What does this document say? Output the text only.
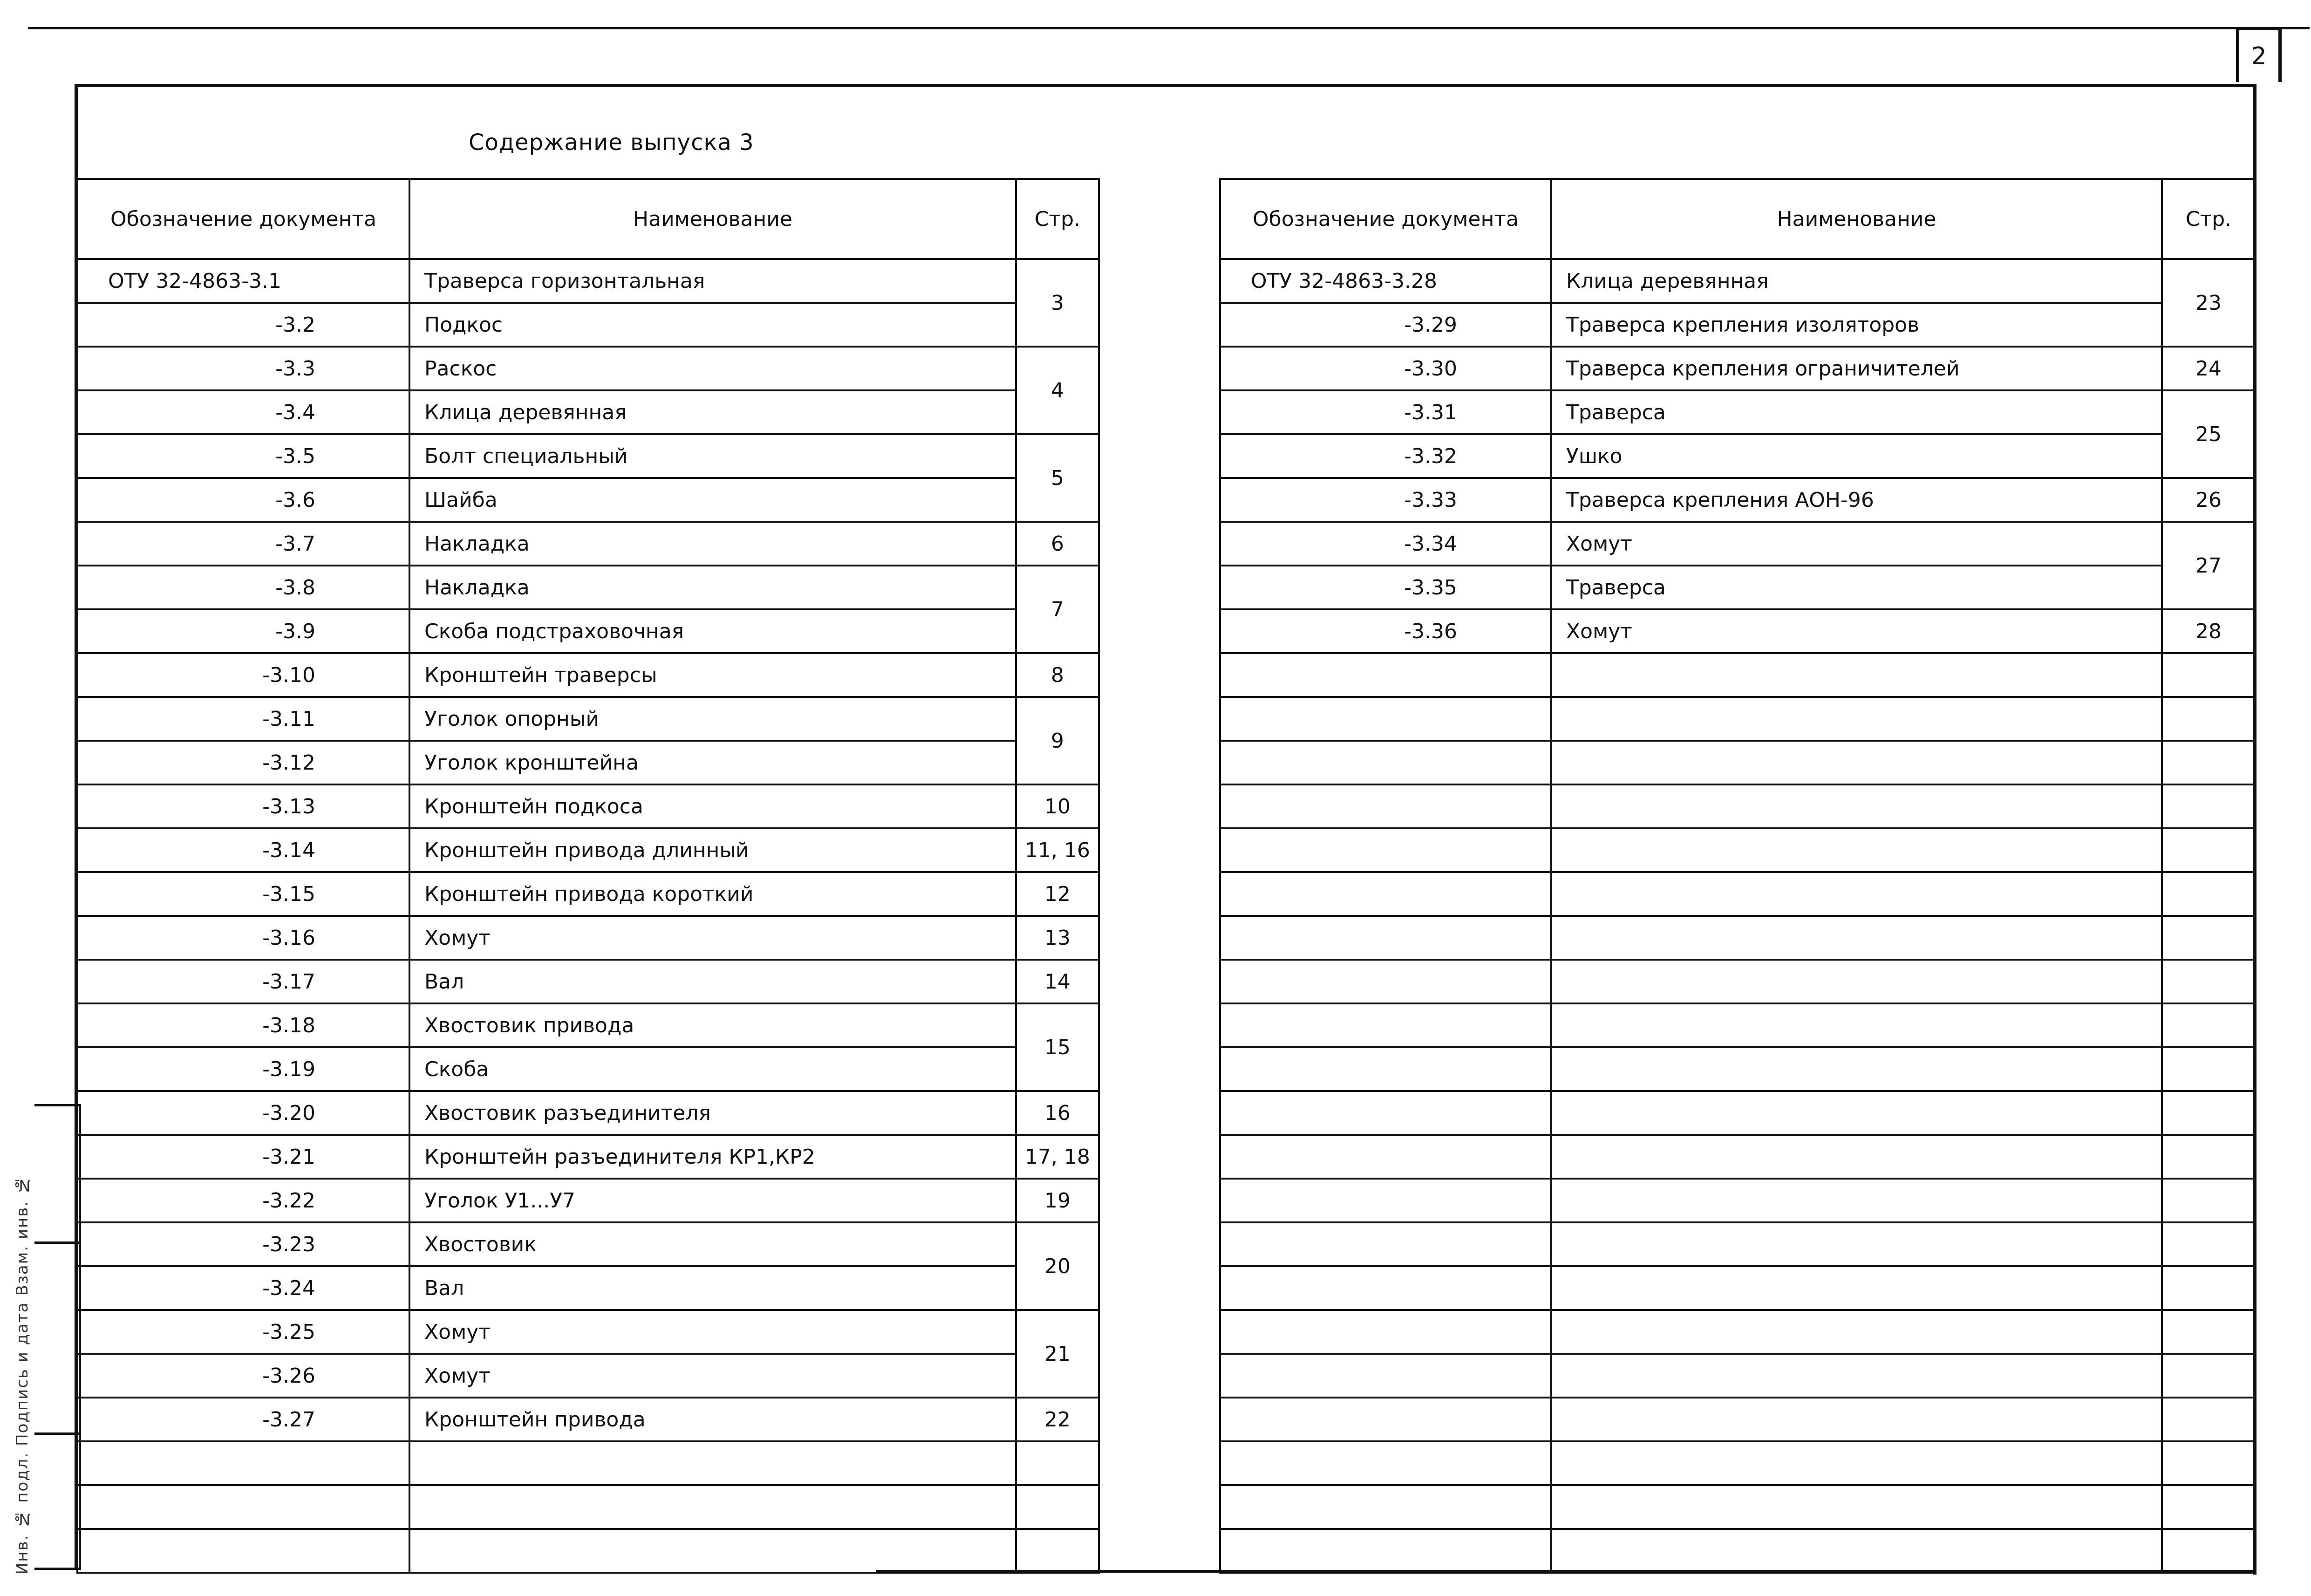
2
Содержание выпуска 3
Инв. № подл. Подпись и дата Взам. инв. №
Обозначение документа	Наименование	Стр.
ОТУ 32-4863-3.1	Траверса горизонтальная	3
-3.2	Подкос	
-3.3	Раскос	4
-3.4	Клица деревянная	
-3.5	Болт специальный	5
-3.6	Шайба	
-3.7	Накладка	6
-3.8	Накладка	7
-3.9	Скоба подстраховочная	
-3.10	Кронштейн траверсы	8
-3.11	Уголок опорный	9
-3.12	Уголок кронштейна	
-3.13	Кронштейн подкоса	10
-3.14	Кронштейн привода длинный	11, 16
-3.15	Кронштейн привода короткий	12
-3.16	Хомут	13
-3.17	Вал	14
-3.18	Хвостовик привода	15
-3.19	Скоба	
-3.20	Хвостовик разъединителя	16
-3.21	Кронштейн разъединителя КР1,КР2	17, 18
-3.22	Уголок У1...У7	19
-3.23	Хвостовик	20
-3.24	Вал	
-3.25	Хомут	21
-3.26	Хомут	
-3.27	Кронштейн привода	22

Обозначение документа	Наименование	Стр.
ОТУ 32-4863-3.28	Клица деревянная	23
-3.29	Траверса крепления изоляторов	
-3.30	Траверса крепления ограничителей	24
-3.31	Траверса	25
-3.32	Ушко	
-3.33	Траверса крепления АОН-96	26
-3.34	Хомут	27
-3.35	Траверса	
-3.36	Хомут	28
